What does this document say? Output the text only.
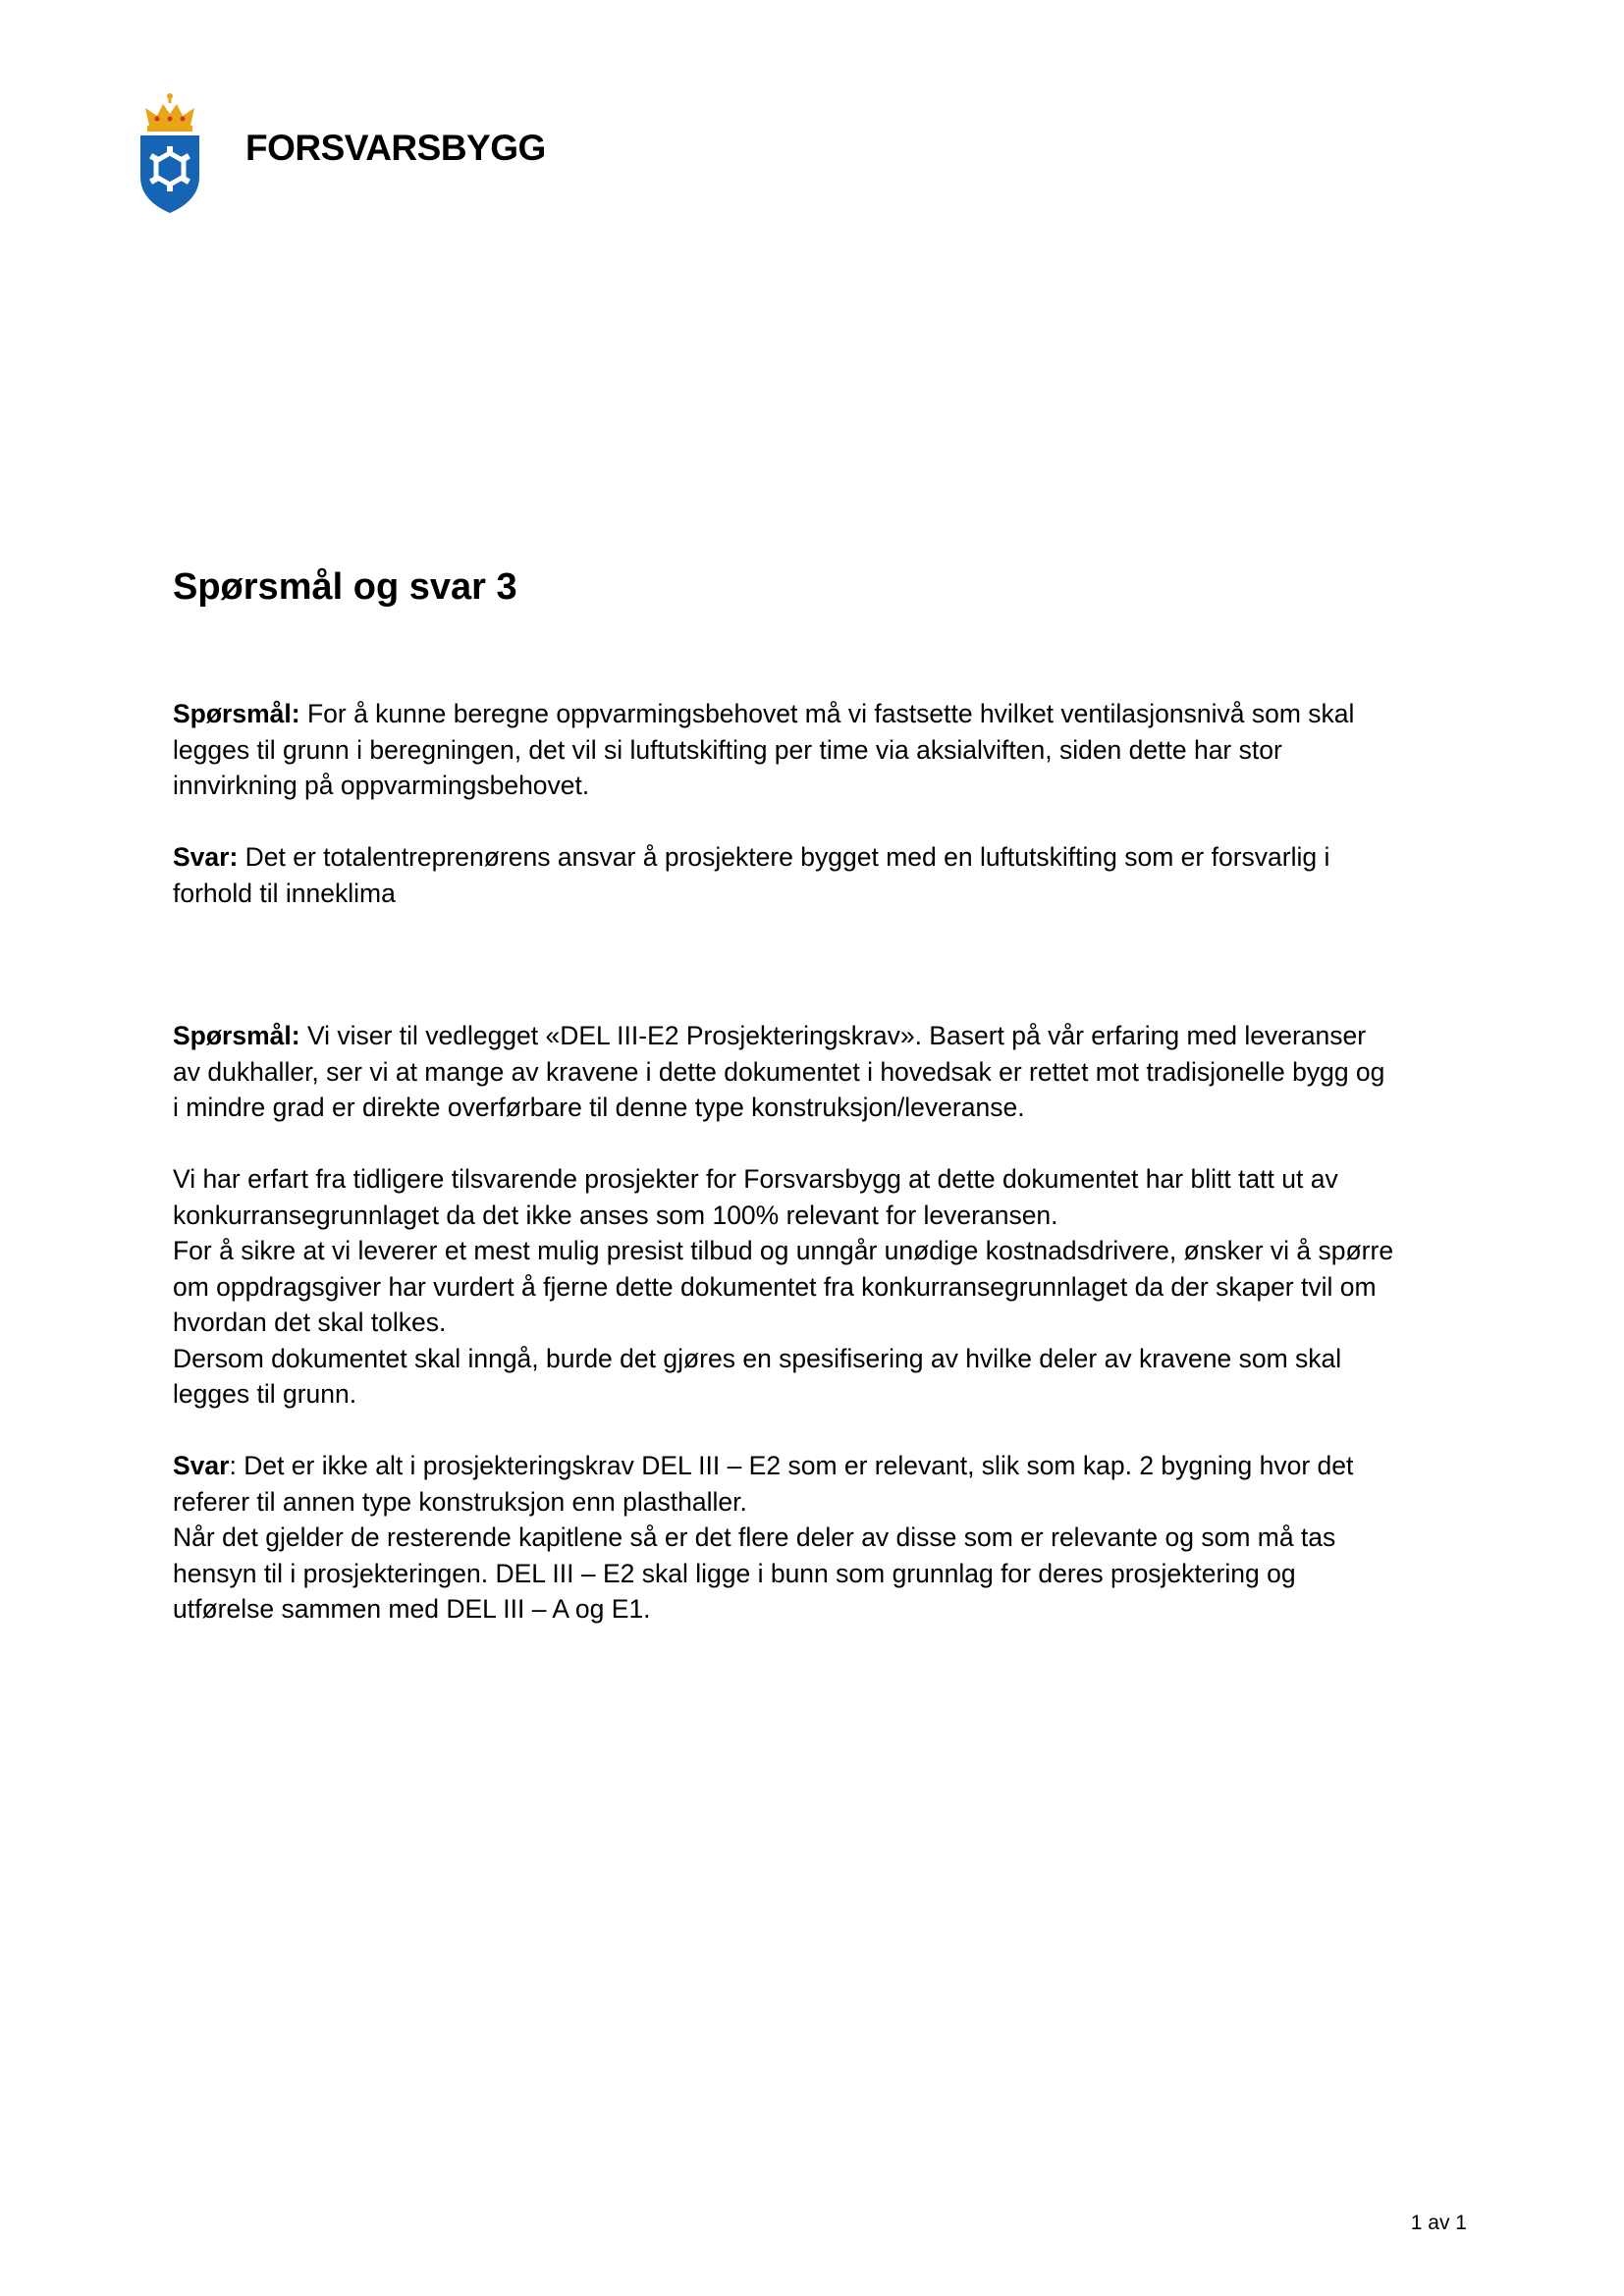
FORSVARSBYGG
Spørsmål og svar 3

Spørsmål: For å kunne beregne oppvarmingsbehovet må vi fastsette hvilket ventilasjonsnivå som skal

legges til grunn i beregningen, det vil si luftutskifting per time via aksialviften, siden dette har stor

innvirkning på oppvarmingsbehovet.

Svar: Det er totalentreprenørens ansvar å prosjektere bygget med en luftutskifting som er forsvarlig i

forhold til inneklima

Spørsmål: Vi viser til vedlegget «DEL III-E2 Prosjekteringskrav». Basert på vår erfaring med leveranser

av dukhaller, ser vi at mange av kravene i dette dokumentet i hovedsak er rettet mot tradisjonelle bygg og

i mindre grad er direkte overførbare til denne type konstruksjon/leveranse.

Vi har erfart fra tidligere tilsvarende prosjekter for Forsvarsbygg at dette dokumentet har blitt tatt ut av

konkurransegrunnlaget da det ikke anses som 100% relevant for leveransen.

For å sikre at vi leverer et mest mulig presist tilbud og unngår unødige kostnadsdrivere, ønsker vi å spørre

om oppdragsgiver har vurdert å fjerne dette dokumentet fra konkurransegrunnlaget da der skaper tvil om

hvordan det skal tolkes.

Dersom dokumentet skal inngå, burde det gjøres en spesifisering av hvilke deler av kravene som skal

legges til grunn.

Svar: Det er ikke alt i prosjekteringskrav DEL III – E2 som er relevant, slik som kap. 2 bygning hvor det

referer til annen type konstruksjon enn plasthaller.

Når det gjelder de resterende kapitlene så er det flere deler av disse som er relevante og som må tas

hensyn til i prosjekteringen. DEL III – E2 skal ligge i bunn som grunnlag for deres prosjektering og

utførelse sammen med DEL III – A og E1.

1 av 1
